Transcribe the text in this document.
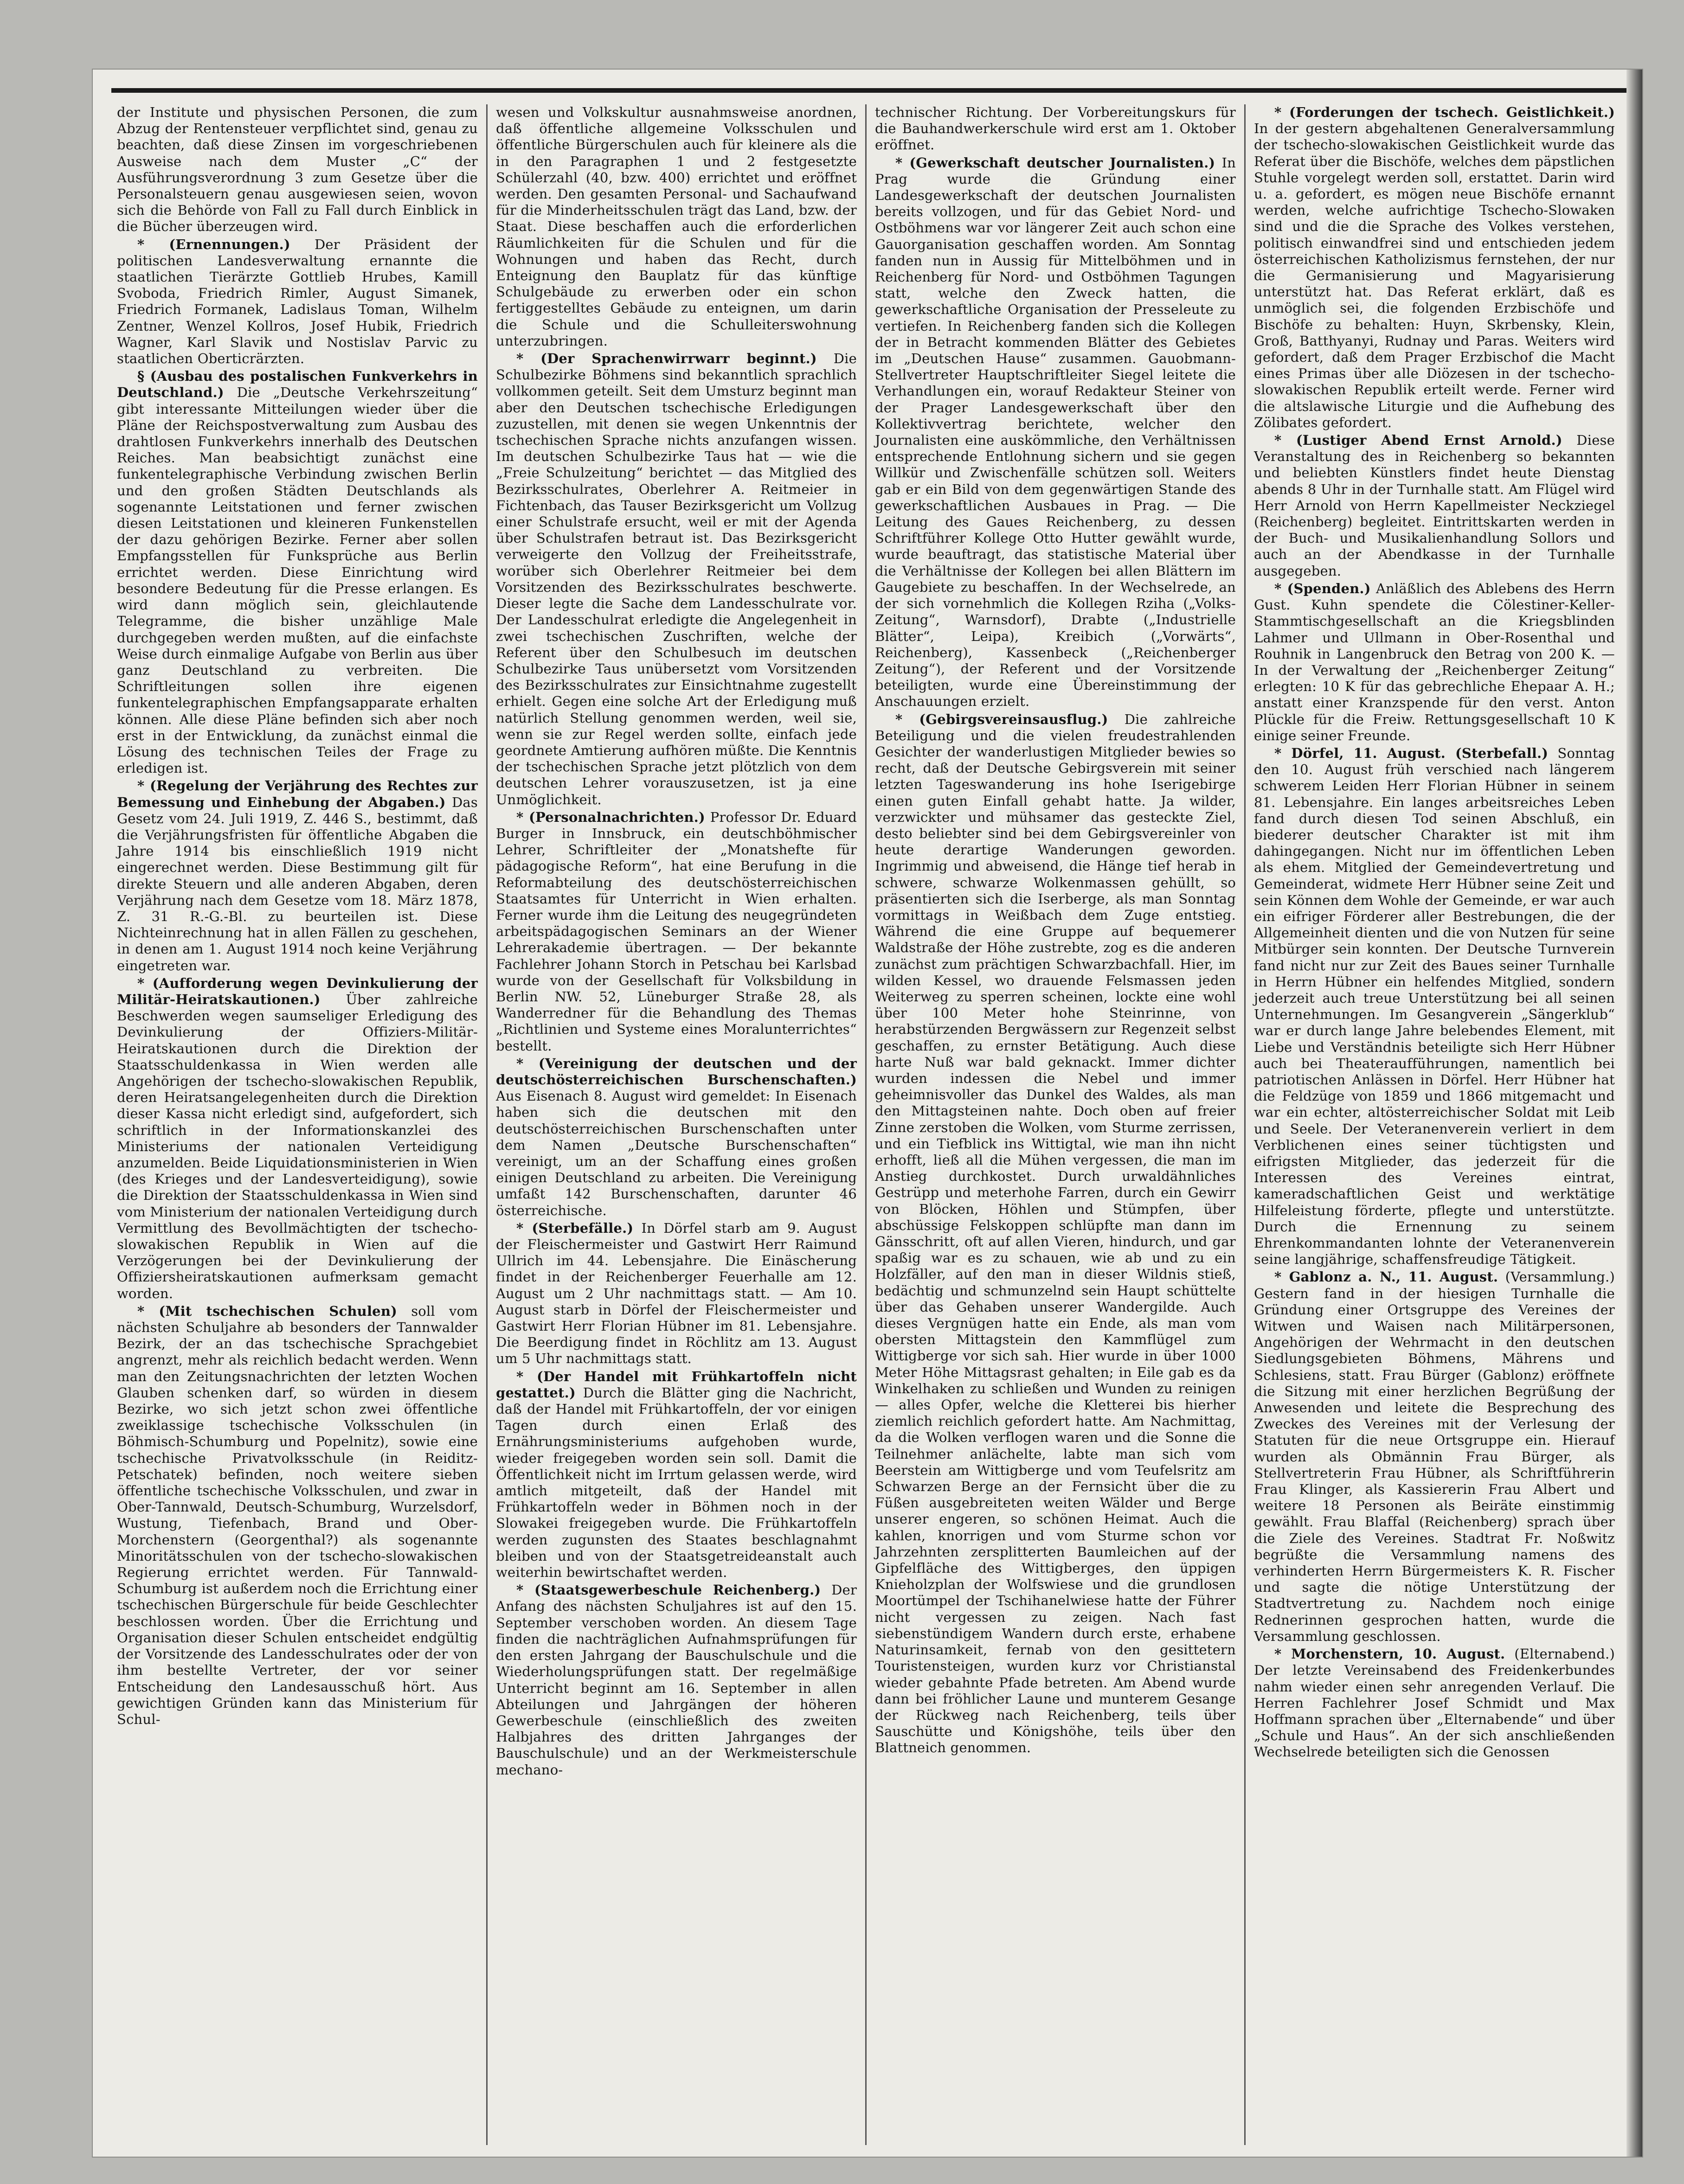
der Institute und physischen Personen, die zum Abzug der Rentensteuer verpflichtet sind, genau zu beachten, daß diese Zinsen im vorgeschriebenen Ausweise nach dem Muster „C“ der Ausführungsverordnung 3 zum Gesetze über die Personalsteuern genau ausgewiesen seien, wovon sich die Behörde von Fall zu Fall durch Einblick in die Bücher überzeugen wird.

* (Ernennungen.) Der Präsident der politischen Landesverwaltung ernannte die staatlichen Tierärzte Gottlieb Hrubes, Kamill Svoboda, Friedrich Rimler, August Simanek, Friedrich Formanek, Ladislaus Toman, Wilhelm Zentner, Wenzel Kollros, Josef Hubik, Friedrich Wagner, Karl Slavik und Nostislav Parvic zu staatlichen Oberticrärzten.

§ (Ausbau des postalischen Funkverkehrs in Deutschland.) Die „Deutsche Verkehrszeitung“ gibt interessante Mitteilungen wieder über die Pläne der Reichspostverwaltung zum Ausbau des drahtlosen Funkverkehrs innerhalb des Deutschen Reiches. Man beabsichtigt zunächst eine funkentelegraphische Verbindung zwischen Berlin und den großen Städten Deutschlands als sogenannte Leitstationen und ferner zwischen diesen Leitstationen und kleineren Funkenstellen der dazu gehörigen Bezirke. Ferner aber sollen Empfangsstellen für Funksprüche aus Berlin errichtet werden. Diese Einrichtung wird besondere Bedeutung für die Presse erlangen. Es wird dann möglich sein, gleichlautende Telegramme, die bisher unzählige Male durchgegeben werden mußten, auf die einfachste Weise durch einmalige Aufgabe von Berlin aus über ganz Deutschland zu verbreiten. Die Schriftleitungen sollen ihre eigenen funkentelegraphischen Empfangsapparate erhalten können. Alle diese Pläne befinden sich aber noch erst in der Entwicklung, da zunächst einmal die Lösung des technischen Teiles der Frage zu erledigen ist.

* (Regelung der Verjährung des Rechtes zur Bemessung und Einhebung der Abgaben.) Das Gesetz vom 24. Juli 1919, Z. 446 S., bestimmt, daß die Verjährungsfristen für öffentliche Abgaben die Jahre 1914 bis einschließlich 1919 nicht eingerechnet werden. Diese Bestimmung gilt für direkte Steuern und alle anderen Abgaben, deren Verjährung nach dem Gesetze vom 18. März 1878, Z. 31 R.-G.-Bl. zu beurteilen ist. Diese Nichteinrechnung hat in allen Fällen zu geschehen, in denen am 1. August 1914 noch keine Verjährung eingetreten war.

* (Aufforderung wegen Devinkulierung der Militär-Heiratskautionen.) Über zahlreiche Beschwerden wegen saumseliger Erledigung des Devinkulierung der Offiziers-Militär-Heiratskautionen durch die Direktion der Staatsschuldenkassa in Wien werden alle Angehörigen der tschecho-slowakischen Republik, deren Heiratsangelegenheiten durch die Direktion dieser Kassa nicht erledigt sind, aufgefordert, sich schriftlich in der Informationskanzlei des Ministeriums der nationalen Verteidigung anzumelden. Beide Liquidationsministerien in Wien (des Krieges und der Landesverteidigung), sowie die Direktion der Staatsschuldenkassa in Wien sind vom Ministerium der nationalen Verteidigung durch Vermittlung des Bevollmächtigten der tschecho-slowakischen Republik in Wien auf die Verzögerungen bei der Devinkulierung der Offiziersheiratskautionen aufmerksam gemacht worden.

* (Mit tschechischen Schulen) soll vom nächsten Schuljahre ab besonders der Tannwalder Bezirk, der an das tschechische Sprachgebiet angrenzt, mehr als reichlich bedacht werden. Wenn man den Zeitungsnachrichten der letzten Wochen Glauben schenken darf, so würden in diesem Bezirke, wo sich jetzt schon zwei öffentliche zweiklassige tschechische Volksschulen (in Böhmisch-Schumburg und Popelnitz), sowie eine tschechische Privatvolksschule (in Reiditz-Petschatek) befinden, noch weitere sieben öffentliche tschechische Volksschulen, und zwar in Ober-Tannwald, Deutsch-Schumburg, Wurzelsdorf, Wustung, Tiefenbach, Brand und Ober-Morchenstern (Georgenthal?) als sogenannte Minoritätsschulen von der tschecho-slowakischen Regierung errichtet werden. Für Tannwald-Schumburg ist außerdem noch die Errichtung einer tschechischen Bürgerschule für beide Geschlechter beschlossen worden. Über die Errichtung und Organisation dieser Schulen entscheidet endgültig der Vorsitzende des Landesschulrates oder der von ihm bestellte Vertreter, der vor seiner Entscheidung den Landesausschuß hört. Aus gewichtigen Gründen kann das Ministerium für Schul-

wesen und Volkskultur ausnahmsweise anordnen, daß öffentliche allgemeine Volksschulen und öffentliche Bürgerschulen auch für kleinere als die in den Paragraphen 1 und 2 festgesetzte Schülerzahl (40, bzw. 400) errichtet und eröffnet werden. Den gesamten Personal- und Sachaufwand für die Minderheitsschulen trägt das Land, bzw. der Staat. Diese beschaffen auch die erforderlichen Räumlichkeiten für die Schulen und für die Wohnungen und haben das Recht, durch Enteignung den Bauplatz für das künftige Schulgebäude zu erwerben oder ein schon fertiggestelltes Gebäude zu enteignen, um darin die Schule und die Schulleiterswohnung unterzubringen.

* (Der Sprachenwirrwarr beginnt.) Die Schulbezirke Böhmens sind bekanntlich sprachlich vollkommen geteilt. Seit dem Umsturz beginnt man aber den Deutschen tschechische Erledigungen zuzustellen, mit denen sie wegen Unkenntnis der tschechischen Sprache nichts anzufangen wissen. Im deutschen Schulbezirke Taus hat — wie die „Freie Schulzeitung“ berichtet — das Mitglied des Bezirksschulrates, Oberlehrer A. Reitmeier in Fichtenbach, das Tauser Bezirksgericht um Vollzug einer Schulstrafe ersucht, weil er mit der Agenda über Schulstrafen betraut ist. Das Bezirksgericht verweigerte den Vollzug der Freiheitsstrafe, worüber sich Oberlehrer Reitmeier bei dem Vorsitzenden des Bezirksschulrates beschwerte. Dieser legte die Sache dem Landesschulrate vor. Der Landesschulrat erledigte die Angelegenheit in zwei tschechischen Zuschriften, welche der Referent über den Schulbesuch im deutschen Schulbezirke Taus unübersetzt vom Vorsitzenden des Bezirksschulrates zur Einsichtnahme zugestellt erhielt. Gegen eine solche Art der Erledigung muß natürlich Stellung genommen werden, weil sie, wenn sie zur Regel werden sollte, einfach jede geordnete Amtierung aufhören müßte. Die Kenntnis der tschechischen Sprache jetzt plötzlich von dem deutschen Lehrer vorauszusetzen, ist ja eine Unmöglichkeit.

* (Personalnachrichten.) Professor Dr. Eduard Burger in Innsbruck, ein deutschböhmischer Lehrer, Schriftleiter der „Monatshefte für pädagogische Reform“, hat eine Berufung in die Reformabteilung des deutschösterreichischen Staatsamtes für Unterricht in Wien erhalten. Ferner wurde ihm die Leitung des neugegründeten arbeitspädagogischen Seminars an der Wiener Lehrerakademie übertragen. — Der bekannte Fachlehrer Johann Storch in Petschau bei Karlsbad wurde von der Gesellschaft für Volksbildung in Berlin NW. 52, Lüneburger Straße 28, als Wanderredner für die Behandlung des Themas „Richtlinien und Systeme eines Moralunterrichtes“ bestellt.

* (Vereinigung der deutschen und der deutschösterreichischen Burschenschaften.) Aus Eisenach 8. August wird gemeldet: In Eisenach haben sich die deutschen mit den deutschösterreichischen Burschenschaften unter dem Namen „Deutsche Burschenschaften“ vereinigt, um an der Schaffung eines großen einigen Deutschland zu arbeiten. Die Vereinigung umfaßt 142 Burschenschaften, darunter 46 österreichische.

* (Sterbefälle.) In Dörfel starb am 9. August der Fleischermeister und Gastwirt Herr Raimund Ullrich im 44. Lebensjahre. Die Einäscherung findet in der Reichenberger Feuerhalle am 12. August um 2 Uhr nachmittags statt. — Am 10. August starb in Dörfel der Fleischermeister und Gastwirt Herr Florian Hübner im 81. Lebensjahre. Die Beerdigung findet in Röchlitz am 13. August um 5 Uhr nachmittags statt.

* (Der Handel mit Frühkartoffeln nicht gestattet.) Durch die Blätter ging die Nachricht, daß der Handel mit Frühkartoffeln, der vor einigen Tagen durch einen Erlaß des Ernährungsministeriums aufgehoben wurde, wieder freigegeben worden sein soll. Damit die Öffentlichkeit nicht im Irrtum gelassen werde, wird amtlich mitgeteilt, daß der Handel mit Frühkartoffeln weder in Böhmen noch in der Slowakei freigegeben wurde. Die Frühkartoffeln werden zugunsten des Staates beschlagnahmt bleiben und von der Staatsgetreideanstalt auch weiterhin bewirtschaftet werden.

* (Staatsgewerbeschule Reichenberg.) Der Anfang des nächsten Schuljahres ist auf den 15. September verschoben worden. An diesem Tage finden die nachträglichen Aufnahmsprüfungen für den ersten Jahrgang der Bauschulschule und die Wiederholungsprüfungen statt. Der regelmäßige Unterricht beginnt am 16. September in allen Abteilungen und Jahrgängen der höheren Gewerbeschule (einschließlich des zweiten Halbjahres des dritten Jahrganges der Bauschulschule) und an der Werkmeisterschule mechano-

technischer Richtung. Der Vorbereitungskurs für die Bauhandwerkerschule wird erst am 1. Oktober eröffnet.

* (Gewerkschaft deutscher Journalisten.) In Prag wurde die Gründung einer Landesgewerkschaft der deutschen Journalisten bereits vollzogen, und für das Gebiet Nord- und Ostböhmens war vor längerer Zeit auch schon eine Gauorganisation geschaffen worden. Am Sonntag fanden nun in Aussig für Mittelböhmen und in Reichenberg für Nord- und Ostböhmen Tagungen statt, welche den Zweck hatten, die gewerkschaftliche Organisation der Presseleute zu vertiefen. In Reichenberg fanden sich die Kollegen der in Betracht kommenden Blätter des Gebietes im „Deutschen Hause“ zusammen. Gauobmann-Stellvertreter Hauptschriftleiter Siegel leitete die Verhandlungen ein, worauf Redakteur Steiner von der Prager Landesgewerkschaft über den Kollektivvertrag berichtete, welcher den Journalisten eine auskömmliche, den Verhältnissen entsprechende Entlohnung sichern und sie gegen Willkür und Zwischenfälle schützen soll. Weiters gab er ein Bild von dem gegenwärtigen Stande des gewerkschaftlichen Ausbaues in Prag. — Die Leitung des Gaues Reichenberg, zu dessen Schriftführer Kollege Otto Hutter gewählt wurde, wurde beauftragt, das statistische Material über die Verhältnisse der Kollegen bei allen Blättern im Gaugebiete zu beschaffen. In der Wechselrede, an der sich vornehmlich die Kollegen Rziha („Volks-Zeitung“, Warnsdorf), Drabte („Industrielle Blätter“, Leipa), Kreibich („Vorwärts“, Reichenberg), Kassenbeck („Reichenberger Zeitung“), der Referent und der Vorsitzende beteiligten, wurde eine Übereinstimmung der Anschauungen erzielt.

* (Gebirgsvereinsausflug.) Die zahlreiche Beteiligung und die vielen freudestrahlenden Gesichter der wanderlustigen Mitglieder bewies so recht, daß der Deutsche Gebirgsverein mit seiner letzten Tageswanderung ins hohe Iserigebirge einen guten Einfall gehabt hatte. Ja wilder, verzwickter und mühsamer das gesteckte Ziel, desto beliebter sind bei dem Gebirgsvereinler von heute derartige Wanderungen geworden. Ingrimmig und abweisend, die Hänge tief herab in schwere, schwarze Wolkenmassen gehüllt, so präsentierten sich die Iserberge, als man Sonntag vormittags in Weißbach dem Zuge entstieg. Während die eine Gruppe auf bequemerer Waldstraße der Höhe zustrebte, zog es die anderen zunächst zum prächtigen Schwarzbachfall. Hier, im wilden Kessel, wo drauende Felsmassen jeden Weiterweg zu sperren scheinen, lockte eine wohl über 100 Meter hohe Steinrinne, von herabstürzenden Bergwässern zur Regenzeit selbst geschaffen, zu ernster Betätigung. Auch diese harte Nuß war bald geknackt. Immer dichter wurden indessen die Nebel und immer geheimnisvoller das Dunkel des Waldes, als man den Mittagsteinen nahte. Doch oben auf freier Zinne zerstoben die Wolken, vom Sturme zerrissen, und ein Tiefblick ins Wittigtal, wie man ihn nicht erhofft, ließ all die Mühen vergessen, die man im Anstieg durchkostet. Durch urwaldähnliches Gestrüpp und meterhohe Farren, durch ein Gewirr von Blöcken, Höhlen und Stümpfen, über abschüssige Felskoppen schlüpfte man dann im Gänsschritt, oft auf allen Vieren, hindurch, und gar spaßig war es zu schauen, wie ab und zu ein Holzfäller, auf den man in dieser Wildnis stieß, bedächtig und schmunzelnd sein Haupt schüttelte über das Gehaben unserer Wandergilde. Auch dieses Vergnügen hatte ein Ende, als man vom obersten Mittagstein den Kammflügel zum Wittigberge vor sich sah. Hier wurde in über 1000 Meter Höhe Mittagsrast gehalten; in Eile gab es da Winkelhaken zu schließen und Wunden zu reinigen — alles Opfer, welche die Kletterei bis hierher ziemlich reichlich gefordert hatte. Am Nachmittag, da die Wolken verflogen waren und die Sonne die Teilnehmer anlächelte, labte man sich vom Beerstein am Wittigberge und vom Teufelsritz am Schwarzen Berge an der Fernsicht über die zu Füßen ausgebreiteten weiten Wälder und Berge unserer engeren, so schönen Heimat. Auch die kahlen, knorrigen und vom Sturme schon vor Jahrzehnten zersplitterten Baumleichen auf der Gipfelfläche des Wittigberges, den üppigen Knieholzplan der Wolfswiese und die grundlosen Moortümpel der Tschihanelwiese hatte der Führer nicht vergessen zu zeigen. Nach fast siebenstündigem Wandern durch erste, erhabene Naturinsamkeit, fernab von den gesittetern Touristensteigen, wurden kurz vor Christianstal wieder gebahnte Pfade betreten. Am Abend wurde dann bei fröhlicher Laune und munterem Gesange der Rückweg nach Reichenberg, teils über Sauschütte und Königshöhe, teils über den Blattneich genommen.

* (Forderungen der tschech. Geistlichkeit.) In der gestern abgehaltenen Generalversammlung der tschecho-slowakischen Geistlichkeit wurde das Referat über die Bischöfe, welches dem päpstlichen Stuhle vorgelegt werden soll, erstattet. Darin wird u. a. gefordert, es mögen neue Bischöfe ernannt werden, welche aufrichtige Tschecho-Slowaken sind und die die Sprache des Volkes verstehen, politisch einwandfrei sind und entschieden jedem österreichischen Katholizismus fernstehen, der nur die Germanisierung und Magyarisierung unterstützt hat. Das Referat erklärt, daß es unmöglich sei, die folgenden Erzbischöfe und Bischöfe zu behalten: Huyn, Skrbensky, Klein, Groß, Batthyanyi, Rudnay und Paras. Weiters wird gefordert, daß dem Prager Erzbischof die Macht eines Primas über alle Diözesen in der tschecho-slowakischen Republik erteilt werde. Ferner wird die altslawische Liturgie und die Aufhebung des Zölibates gefordert.

* (Lustiger Abend Ernst Arnold.) Diese Veranstaltung des in Reichenberg so bekannten und beliebten Künstlers findet heute Dienstag abends 8 Uhr in der Turnhalle statt. Am Flügel wird Herr Arnold von Herrn Kapellmeister Neckziegel (Reichenberg) begleitet. Eintrittskarten werden in der Buch- und Musikalienhandlung Sollors und auch an der Abendkasse in der Turnhalle ausgegeben.

* (Spenden.) Anläßlich des Ablebens des Herrn Gust. Kuhn spendete die Cölestiner-Keller-Stammtischgesellschaft an die Kriegsblinden Lahmer und Ullmann in Ober-Rosenthal und Rouhnik in Langenbruck den Betrag von 200 K. — In der Verwaltung der „Reichenberger Zeitung“ erlegten: 10 K für das gebrechliche Ehepaar A. H.; anstatt einer Kranzspende für den verst. Anton Plückle für die Freiw. Rettungsgesellschaft 10 K einige seiner Freunde.

* Dörfel, 11. August. (Sterbefall.) Sonntag den 10. August früh verschied nach längerem schwerem Leiden Herr Florian Hübner in seinem 81. Lebensjahre. Ein langes arbeitsreiches Leben fand durch diesen Tod seinen Abschluß, ein biederer deutscher Charakter ist mit ihm dahingegangen. Nicht nur im öffentlichen Leben als ehem. Mitglied der Gemeindevertretung und Gemeinderat, widmete Herr Hübner seine Zeit und sein Können dem Wohle der Gemeinde, er war auch ein eifriger Förderer aller Bestrebungen, die der Allgemeinheit dienten und die von Nutzen für seine Mitbürger sein konnten. Der Deutsche Turnverein fand nicht nur zur Zeit des Baues seiner Turnhalle in Herrn Hübner ein helfendes Mitglied, sondern jederzeit auch treue Unterstützung bei all seinen Unternehmungen. Im Gesangverein „Sängerklub“ war er durch lange Jahre belebendes Element, mit Liebe und Verständnis beteiligte sich Herr Hübner auch bei Theateraufführungen, namentlich bei patriotischen Anlässen in Dörfel. Herr Hübner hat die Feldzüge von 1859 und 1866 mitgemacht und war ein echter, altösterreichischer Soldat mit Leib und Seele. Der Veteranenverein verliert in dem Verblichenen eines seiner tüchtigsten und eifrigsten Mitglieder, das jederzeit für die Interessen des Vereines eintrat, kameradschaftlichen Geist und werktätige Hilfeleistung förderte, pflegte und unterstützte. Durch die Ernennung zu seinem Ehrenkommandanten lohnte der Veteranenverein seine langjährige, schaffensfreudige Tätigkeit.

* Gablonz a. N., 11. August. (Versammlung.) Gestern fand in der hiesigen Turnhalle die Gründung einer Ortsgruppe des Vereines der Witwen und Waisen nach Militärpersonen, Angehörigen der Wehrmacht in den deutschen Siedlungsgebieten Böhmens, Mährens und Schlesiens, statt. Frau Bürger (Gablonz) eröffnete die Sitzung mit einer herzlichen Begrüßung der Anwesenden und leitete die Besprechung des Zweckes des Vereines mit der Verlesung der Statuten für die neue Ortsgruppe ein. Hierauf wurden als Obmännin Frau Bürger, als Stellvertreterin Frau Hübner, als Schriftführerin Frau Klinger, als Kassiererin Frau Albert und weitere 18 Personen als Beiräte einstimmig gewählt. Frau Blaffal (Reichenberg) sprach über die Ziele des Vereines. Stadtrat Fr. Noßwitz begrüßte die Versammlung namens des verhinderten Herrn Bürgermeisters K. R. Fischer und sagte die nötige Unterstützung der Stadtvertretung zu. Nachdem noch einige Rednerinnen gesprochen hatten, wurde die Versammlung geschlossen.

* Morchenstern, 10. August. (Elternabend.) Der letzte Vereinsabend des Freidenkerbundes nahm wieder einen sehr anregenden Verlauf. Die Herren Fachlehrer Josef Schmidt und Max Hoffmann sprachen über „Elternabende“ und über „Schule und Haus“. An der sich anschließenden Wechselrede beteiligten sich die Genossen
